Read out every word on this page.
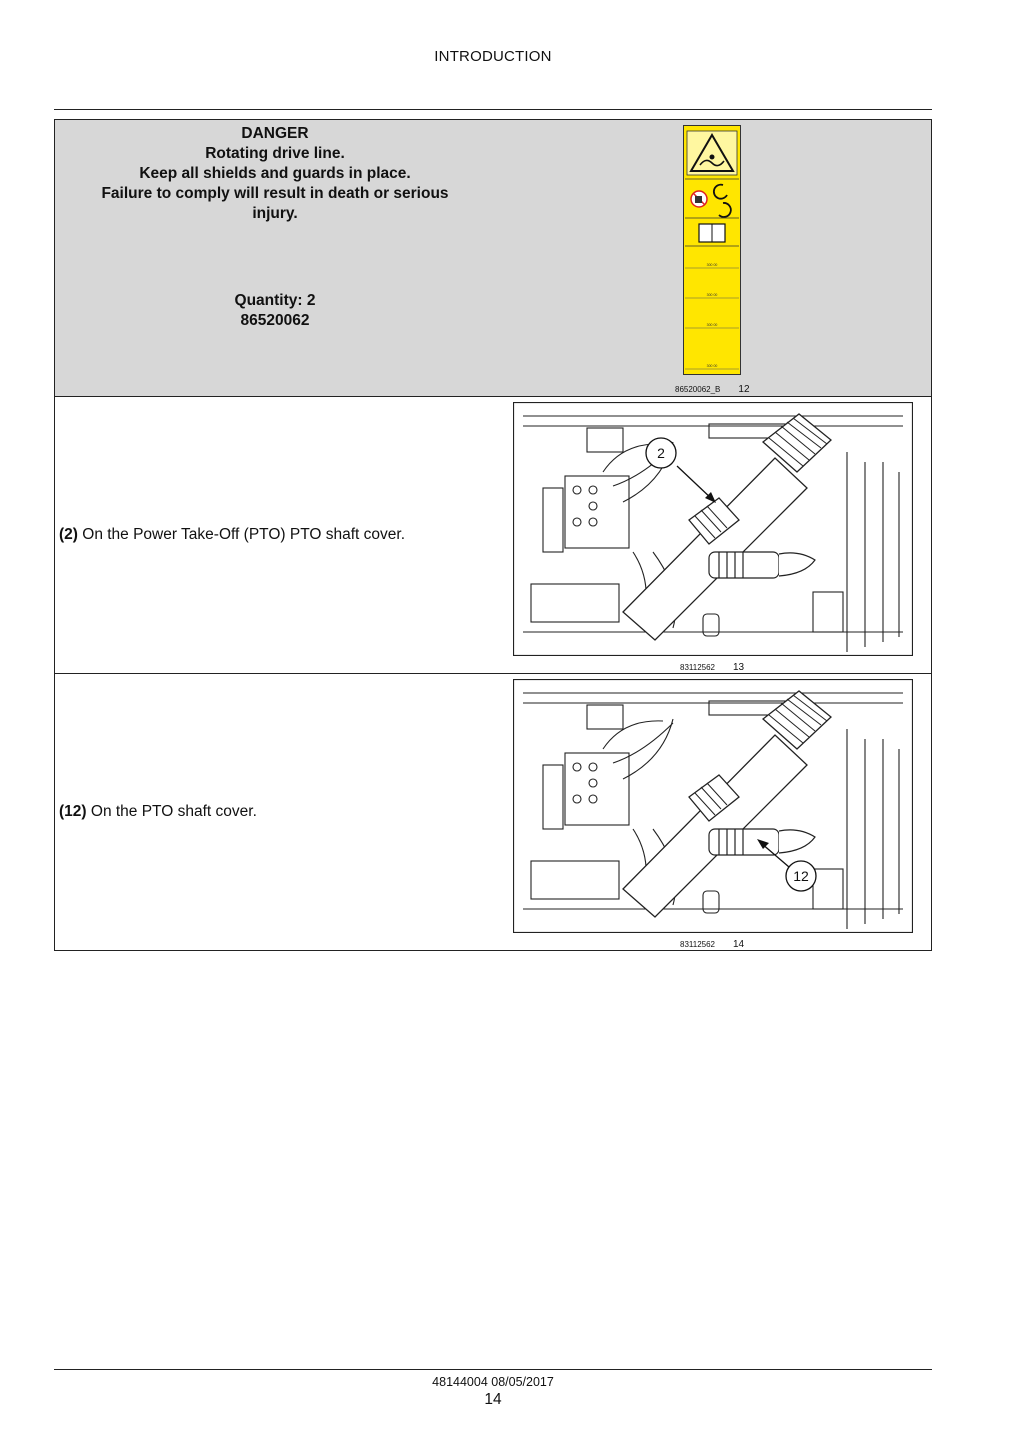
INTRODUCTION
DANGER
Rotating drive line.
Keep all shields and guards in place.
Failure to comply will result in death or serious
injury.
Quantity: 2
86520062
300 00
300 00
300 00
300 00
86520062_B 12
(2) On the Power Take-Off (PTO) PTO shaft cover.
2
83112562 13
(12) On the PTO shaft cover.
12
83112562 14
48144004 08/05/2017
14
